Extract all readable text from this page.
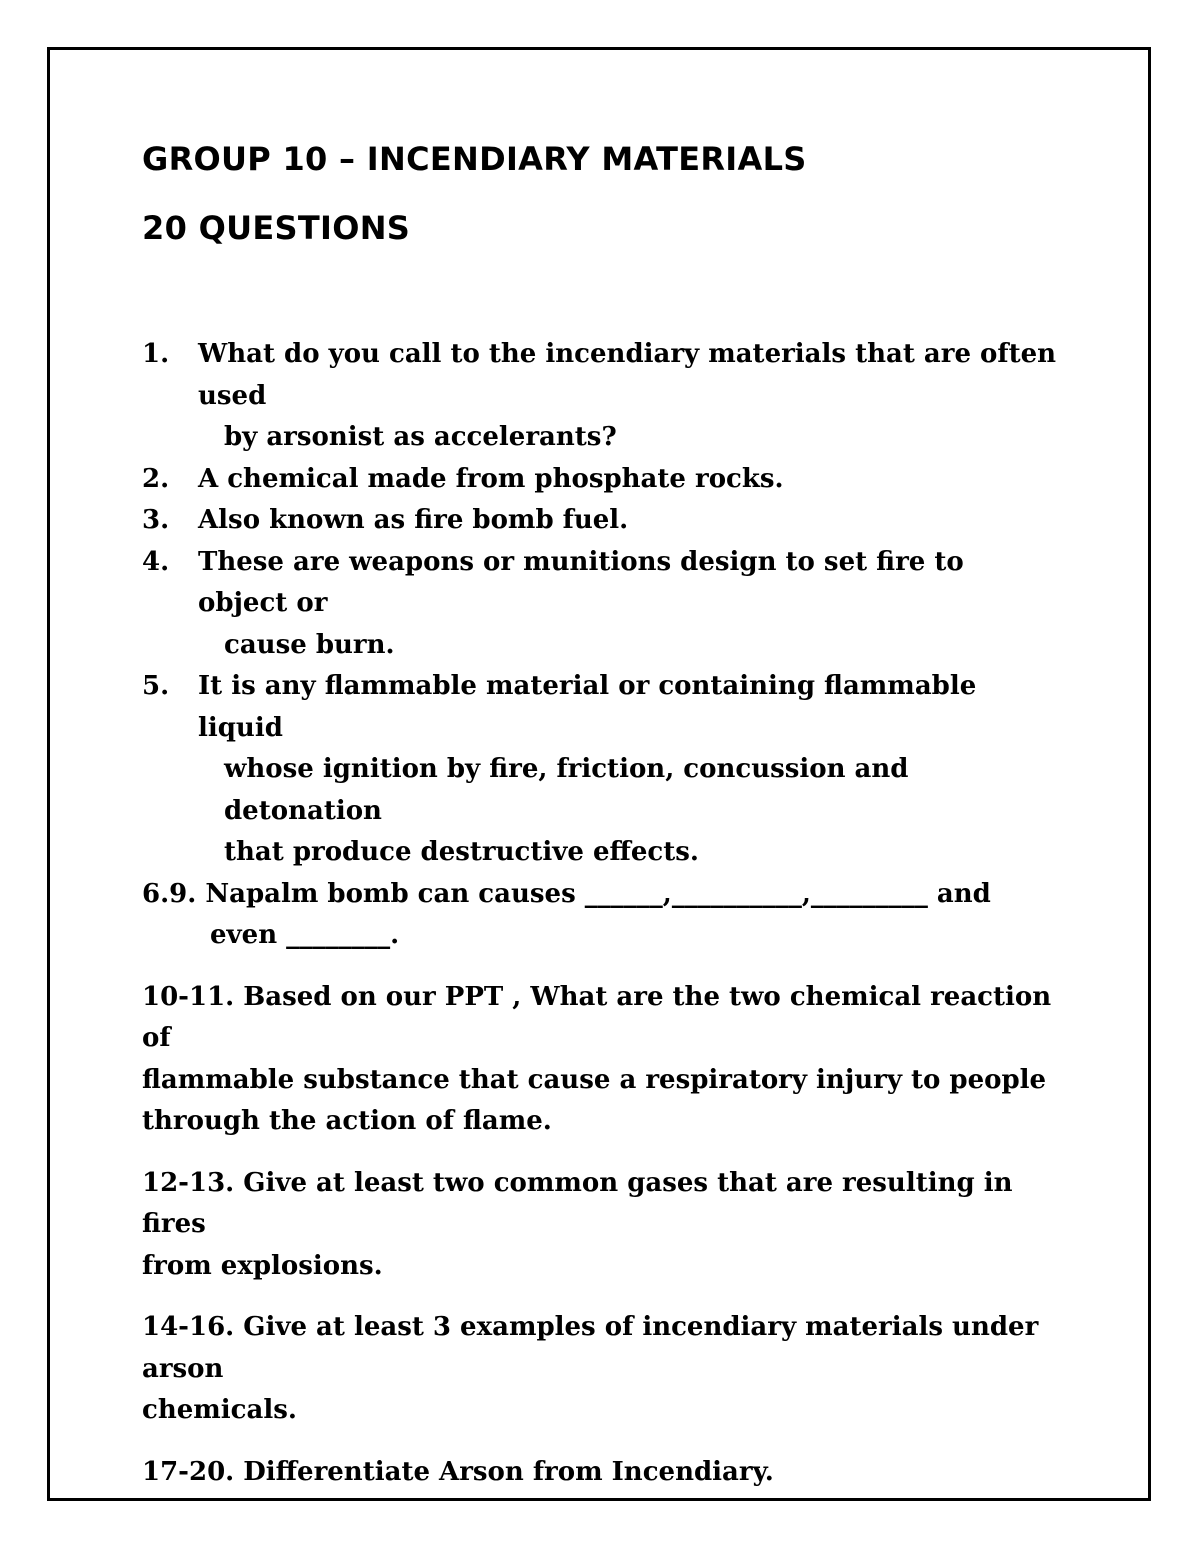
GROUP 10 – INCENDIARY MATERIALS
20 QUESTIONS
1. What do you call to the incendiary materials that are often used
by arsonist as accelerants?
2. A chemical made from phosphate rocks.
3. Also known as fire bomb fuel.
4. These are weapons or munitions design to set fire to object or
cause burn.
5. It is any flammable material or containing flammable liquid
whose ignition by fire, friction, concussion and detonation
that produce destructive effects.
6.9. Napalm bomb can causes ______,__________,_________ and
even ________.
10-11. Based on our PPT , What are the two chemical reaction of
flammable substance that cause a respiratory injury to people
through the action of flame.
12-13. Give at least two common gases that are resulting in fires
from explosions.
14-16. Give at least 3 examples of incendiary materials under arson
chemicals.
17-20. Differentiate Arson from Incendiary.
